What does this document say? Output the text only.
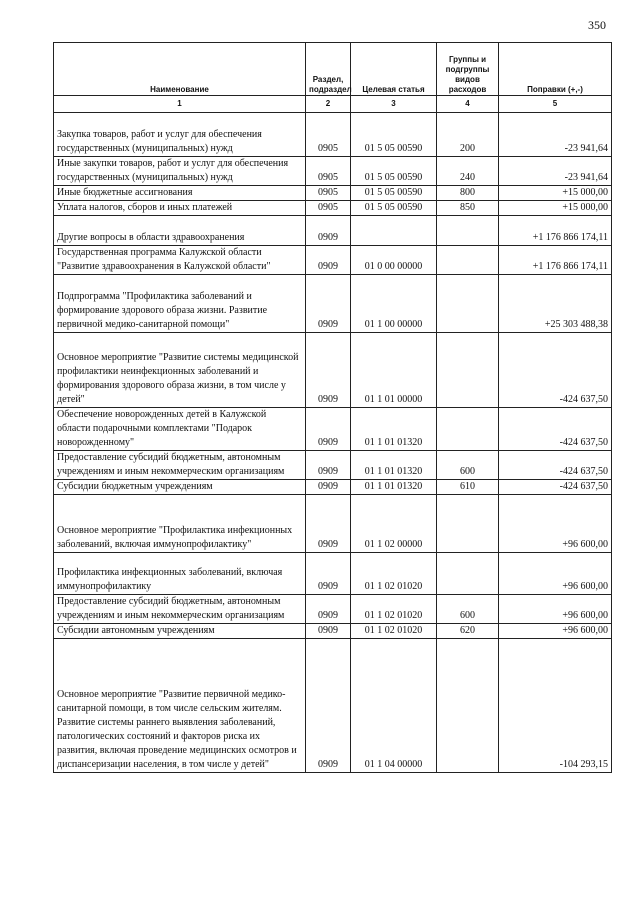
350
Наименование	Раздел, подраздел	Целевая статья	Группы и подгруппы видов расходов	Поправки (+,-)
1	2	3	4	5
Закупка товаров, работ и услуг для обеспечения государственных (муниципальных) нужд	0905	01 5 05 00590	200	-23 941,64
Иные закупки товаров, работ и услуг для обеспечения государственных (муниципальных) нужд	0905	01 5 05 00590	240	-23 941,64
Иные бюджетные ассигнования	0905	01 5 05 00590	800	+15 000,00
Уплата налогов, сборов и иных платежей	0905	01 5 05 00590	850	+15 000,00
Другие вопросы в области здравоохранения	0909			+1 176 866 174,11
Государственная программа Калужской области "Развитие здравоохранения в Калужской области"	0909	01 0 00 00000		+1 176 866 174,11
Подпрограмма "Профилактика заболеваний и формирование здорового образа жизни. Развитие первичной медико-санитарной помощи"	0909	01 1 00 00000		+25 303 488,38
Основное мероприятие "Развитие системы медицинской профилактики неинфекционных заболеваний и формирования здорового образа жизни, в том числе у детей"	0909	01 1 01 00000		-424 637,50
Обеспечение новорожденных детей в Калужской области подарочными комплектами "Подарок новорожденному"	0909	01 1 01 01320		-424 637,50
Предоставление субсидий бюджетным, автономным учреждениям и иным некоммерческим организациям	0909	01 1 01 01320	600	-424 637,50
Субсидии бюджетным учреждениям	0909	01 1 01 01320	610	-424 637,50
Основное мероприятие "Профилактика инфекционных заболеваний, включая иммунопрофилактику"	0909	01 1 02 00000		+96 600,00
Профилактика инфекционных заболеваний, включая иммунопрофилактику	0909	01 1 02 01020		+96 600,00
Предоставление субсидий бюджетным, автономным учреждениям и иным некоммерческим организациям	0909	01 1 02 01020	600	+96 600,00
Субсидии автономным учреждениям	0909	01 1 02 01020	620	+96 600,00
Основное мероприятие "Развитие первичной медико-санитарной помощи, в том числе сельским жителям. Развитие системы раннего выявления заболеваний, патологических состояний и факторов риска их развития, включая проведение медицинских осмотров и диспансеризации населения, в том числе у детей"	0909	01 1 04 00000		-104 293,15
